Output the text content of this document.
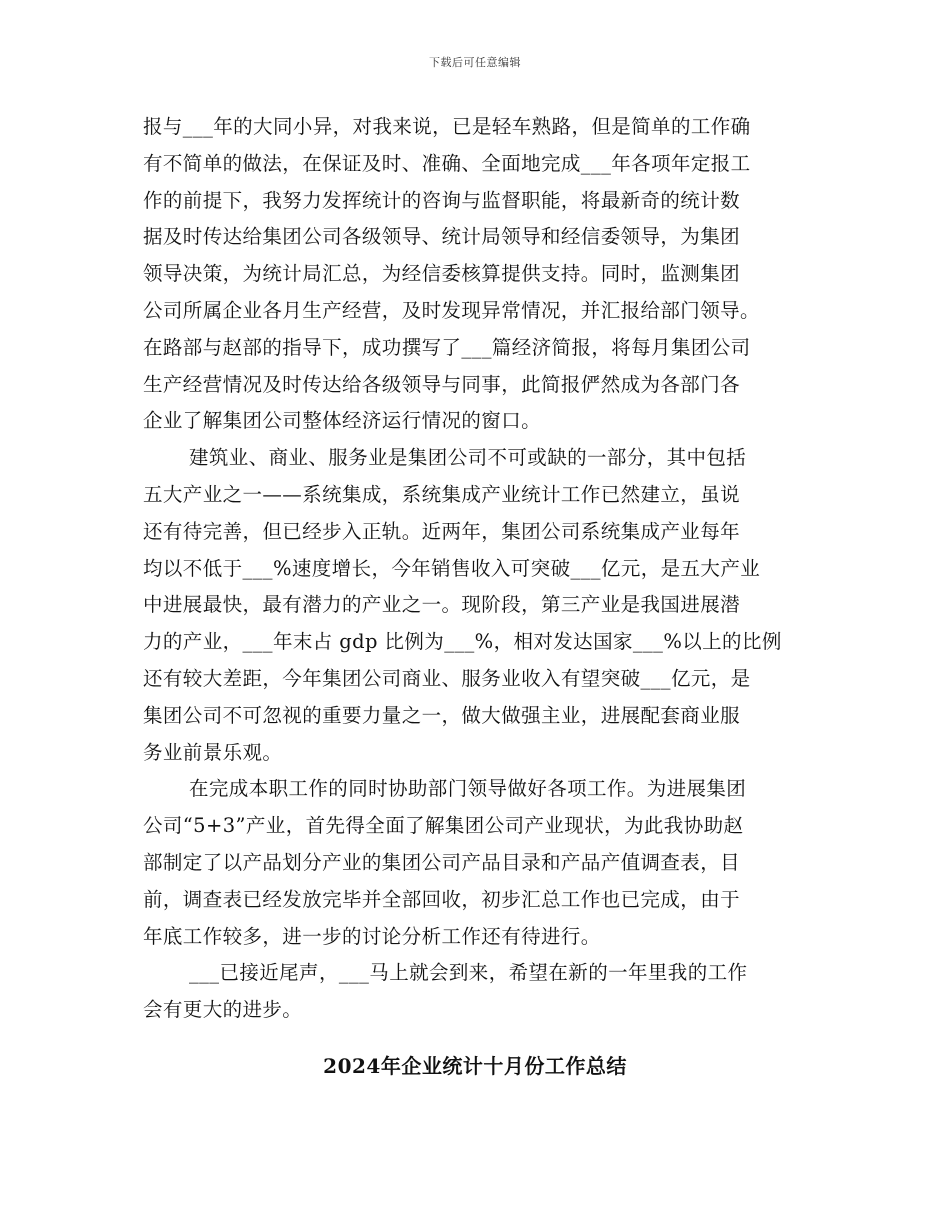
下载后可任意编辑
报与___年的大同小异，对我来说，已是轻车熟路，但是简单的工作确
有不简单的做法，在保证及时、准确、全面地完成___年各项年定报工
作的前提下，我努力发挥统计的咨询与监督职能，将最新奇的统计数
据及时传达给集团公司各级领导、统计局领导和经信委领导，为集团
领导决策，为统计局汇总，为经信委核算提供支持。同时，监测集团
公司所属企业各月生产经营，及时发现异常情况，并汇报给部门领导。
在路部与赵部的指导下，成功撰写了___篇经济简报，将每月集团公司
生产经营情况及时传达给各级领导与同事，此简报俨然成为各部门各
企业了解集团公司整体经济运行情况的窗口。
建筑业、商业、服务业是集团公司不可或缺的一部分，其中包括
五大产业之一——系统集成，系统集成产业统计工作已然建立，虽说
还有待完善，但已经步入正轨。近两年，集团公司系统集成产业每年
均以不低于___%速度增长，今年销售收入可突破___亿元，是五大产业
中进展最快，最有潜力的产业之一。现阶段，第三产业是我国进展潜
力的产业，___年末占 gdp 比例为___%，相对发达国家___%以上的比例
还有较大差距，今年集团公司商业、服务业收入有望突破___亿元，是
集团公司不可忽视的重要力量之一，做大做强主业，进展配套商业服
务业前景乐观。
在完成本职工作的同时协助部门领导做好各项工作。为进展集团
公司“5+3”产业，首先得全面了解集团公司产业现状，为此我协助赵
部制定了以产品划分产业的集团公司产品目录和产品产值调查表，目
前，调查表已经发放完毕并全部回收，初步汇总工作也已完成，由于
年底工作较多，进一步的讨论分析工作还有待进行。
___已接近尾声，___马上就会到来，希望在新的一年里我的工作
会有更大的进步。
2024年企业统计十月份工作总结
